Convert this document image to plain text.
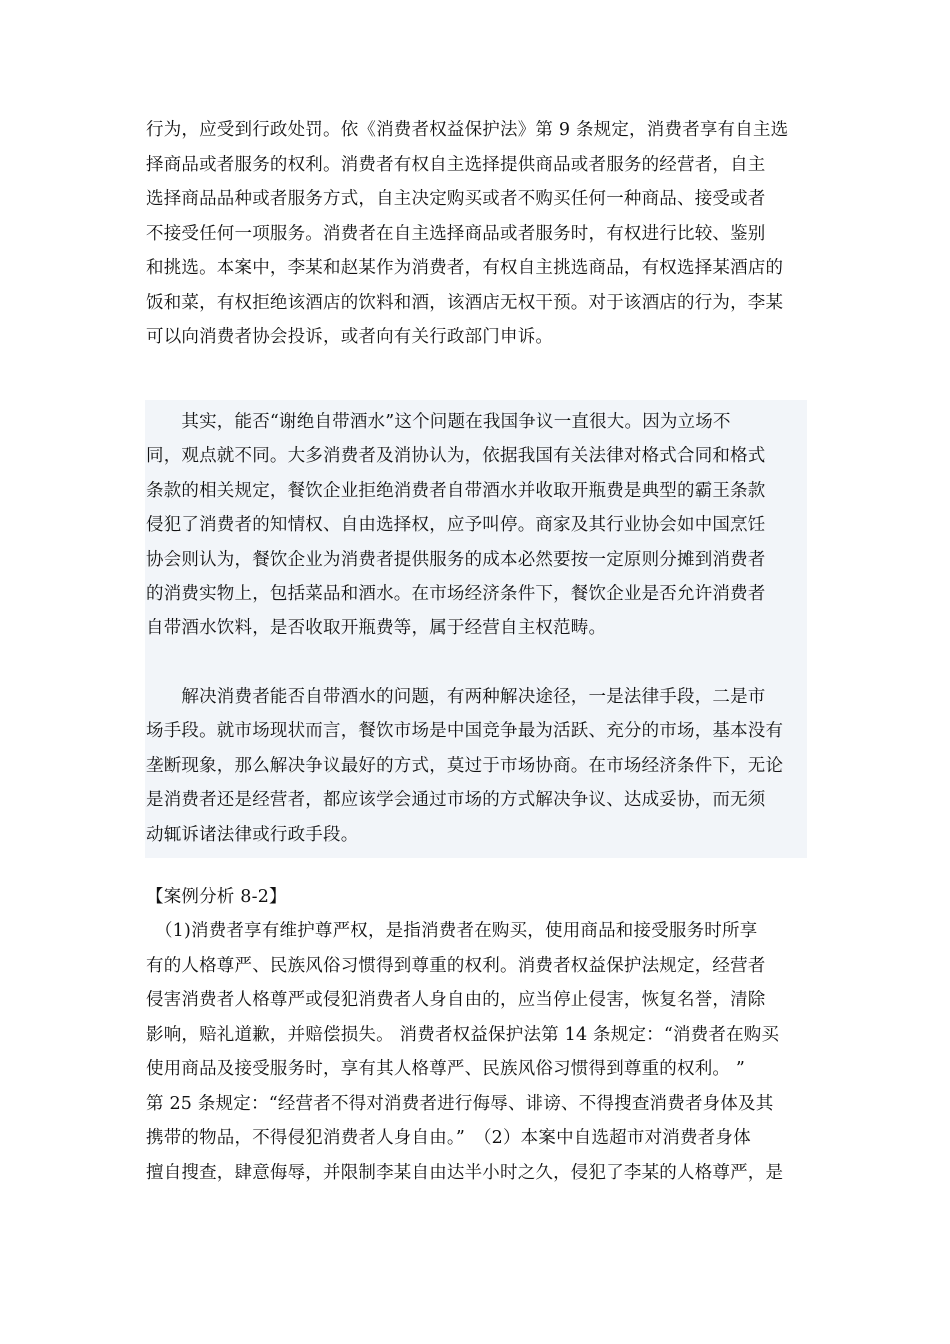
行为，应受到行政处罚。依《消费者权益保护法》第 9 条规定，消费者享有自主选
择商品或者服务的权利。消费者有权自主选择提供商品或者服务的经营者，自主
选择商品品种或者服务方式，自主决定购买或者不购买任何一种商品、接受或者
不接受任何一项服务。消费者在自主选择商品或者服务时，有权进行比较、鉴别
和挑选。本案中，李某和赵某作为消费者，有权自主挑选商品，有权选择某酒店的
饭和菜，有权拒绝该酒店的饮料和酒，该酒店无权干预。对于该酒店的行为，李某
可以向消费者协会投诉，或者向有关行政部门申诉。
　　其实，能否“谢绝自带酒水”这个问题在我国争议一直很大。因为立场不
同，观点就不同。大多消费者及消协认为，依据我国有关法律对格式合同和格式
条款的相关规定，餐饮企业拒绝消费者自带酒水并收取开瓶费是典型的霸王条款
侵犯了消费者的知情权、自由选择权，应予叫停。商家及其行业协会如中国烹饪
协会则认为，餐饮企业为消费者提供服务的成本必然要按一定原则分摊到消费者
的消费实物上，包括菜品和酒水。在市场经济条件下，餐饮企业是否允许消费者
自带酒水饮料，是否收取开瓶费等，属于经营自主权范畴。
　　解决消费者能否自带酒水的问题，有两种解决途径，一是法律手段，二是市
场手段。就市场现状而言，餐饮市场是中国竞争最为活跃、充分的市场，基本没有
垄断现象，那么解决争议最好的方式，莫过于市场协商。在市场经济条件下，无论
是消费者还是经营者，都应该学会通过市场的方式解决争议、达成妥协，而无须
动辄诉诸法律或行政手段。
【案例分析 8-2】
　（1)消费者享有维护尊严权，是指消费者在购买，使用商品和接受服务时所享
有的人格尊严、民族风俗习惯得到尊重的权利。消费者权益保护法规定，经营者
侵害消费者人格尊严或侵犯消费者人身自由的，应当停止侵害，恢复名誉，清除
影响，赔礼道歉，并赔偿损失。 消费者权益保护法第 14 条规定：“消费者在购买
使用商品及接受服务时，享有其人格尊严、民族风俗习惯得到尊重的权利。 ”
第 25 条规定：“经营者不得对消费者进行侮辱、诽谤、不得搜查消费者身体及其
携带的物品，不得侵犯消费者人身自由。”　（2）本案中自选超市对消费者身体
擅自搜查，肆意侮辱，并限制李某自由达半小时之久，侵犯了李某的人格尊严，是
